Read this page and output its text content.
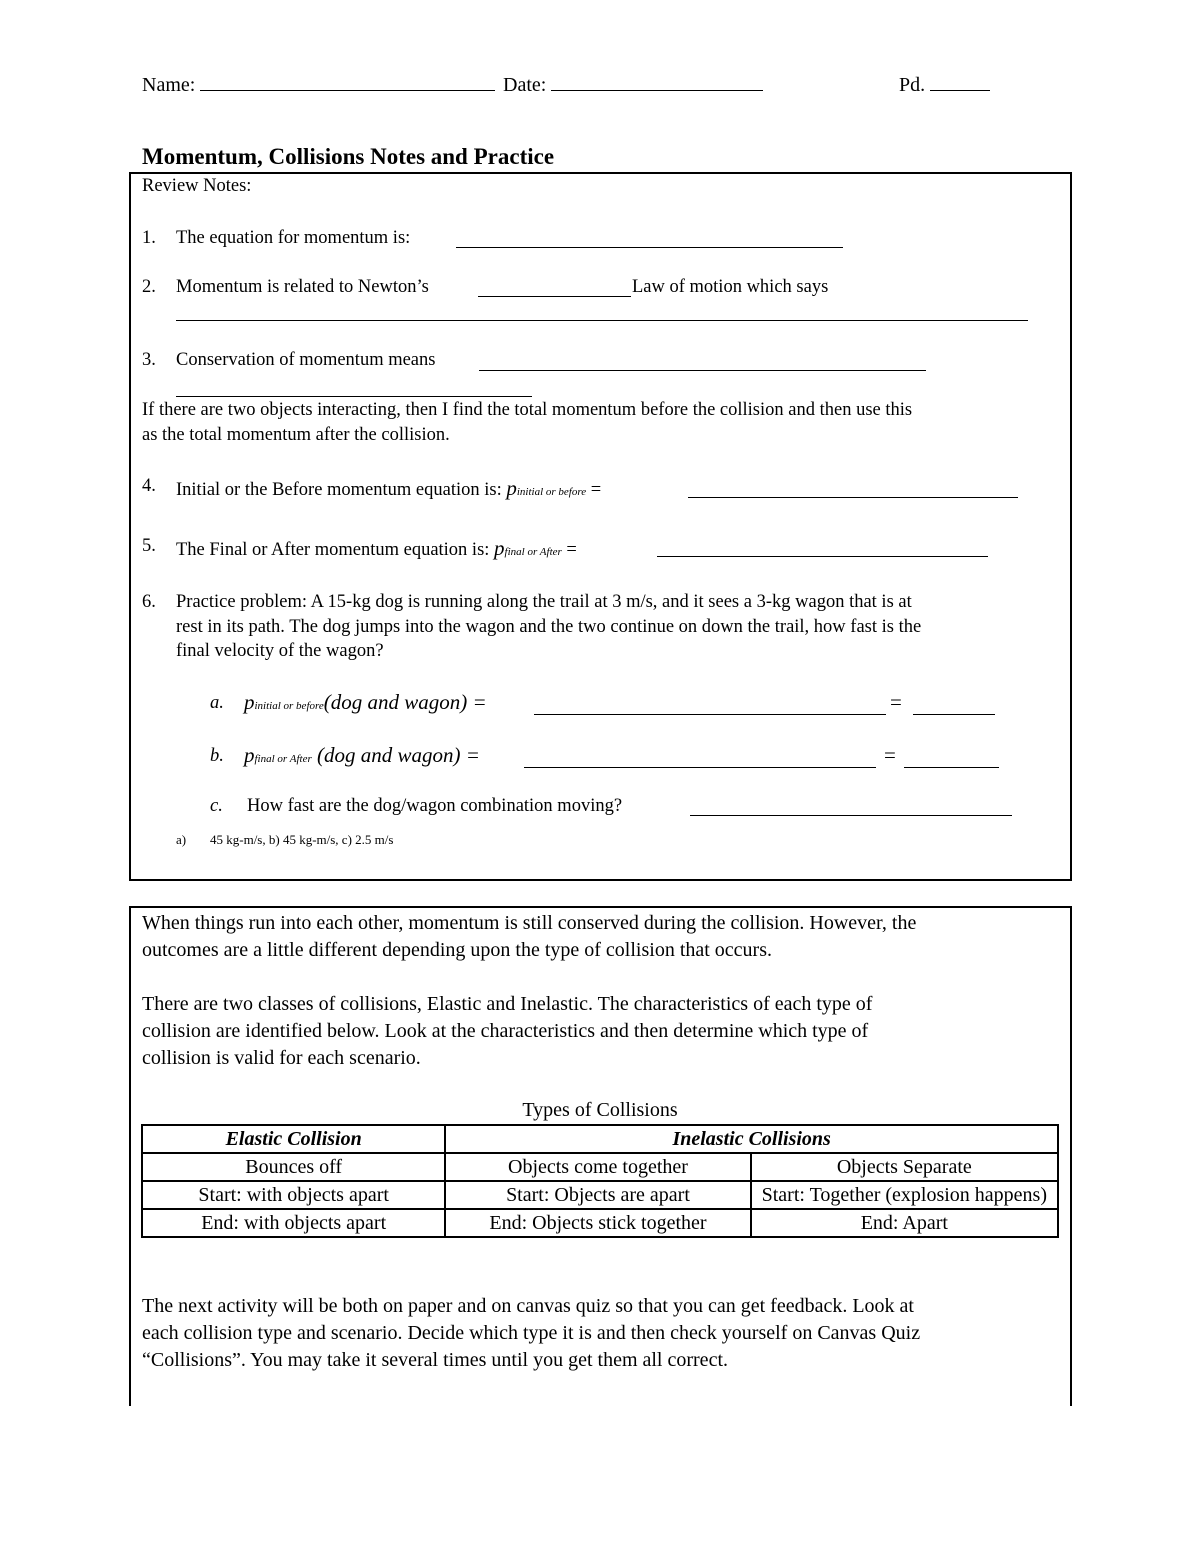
Name:	Date:	Pd.
Momentum, Collisions Notes and Practice
Review Notes:
1. The equation for momentum is:
2. Momentum is related to Newton’s	Law of motion which says
3. Conservation of momentum means
If there are two objects interacting, then I find the total momentum before the collision and then use this
as the total momentum after the collision.
4. Initial or the Before momentum equation is: pinitial or before =
5. The Final or After momentum equation is: pfinal or After =
6. Practice problem: A 15-kg dog is running along the trail at 3 m/s, and it sees a 3-kg wagon that is at
rest in its path. The dog jumps into the wagon and the two continue on down the trail, how fast is the
final velocity of the wagon?
a. pinitial or before(dog and wagon) =	=
b. pfinal or After (dog and wagon) =	=
c. How fast are the dog/wagon combination moving?
a) 45 kg-m/s, b) 45 kg-m/s, c) 2.5 m/s
When things run into each other, momentum is still conserved during the collision. However, the
outcomes are a little different depending upon the type of collision that occurs.
There are two classes of collisions, Elastic and Inelastic. The characteristics of each type of
collision are identified below. Look at the characteristics and then determine which type of
collision is valid for each scenario.
Types of Collisions
Elastic Collision	Inelastic Collisions	
Bounces off	Objects come together	Objects Separate
Start: with objects apart	Start: Objects are apart	Start: Together (explosion happens)
End: with objects apart	End: Objects stick together	End: Apart
The next activity will be both on paper and on canvas quiz so that you can get feedback. Look at
each collision type and scenario. Decide which type it is and then check yourself on Canvas Quiz
“Collisions”. You may take it several times until you get them all correct.
